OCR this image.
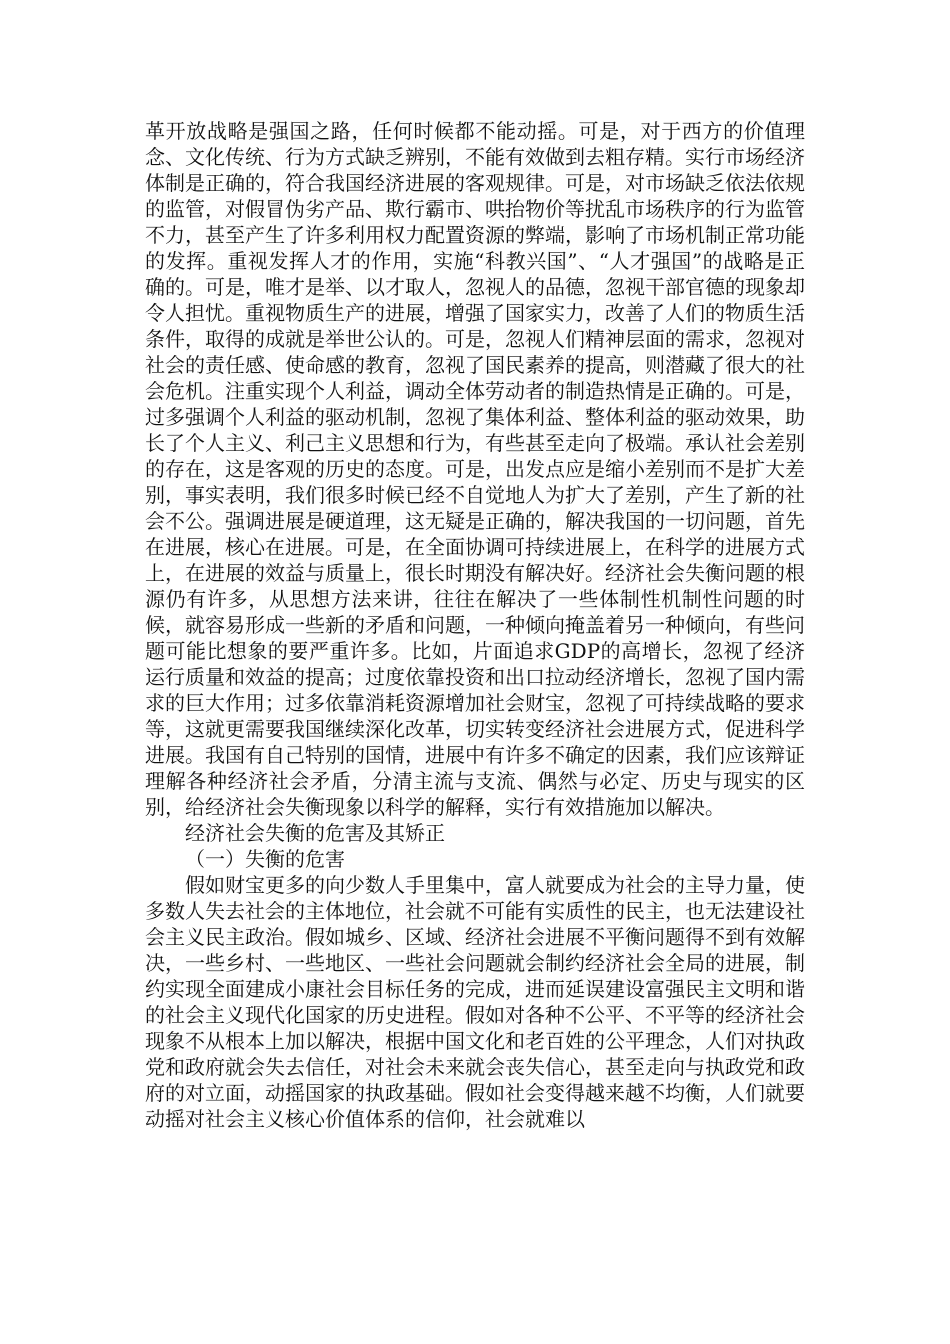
革开放战略是强国之路，任何时候都不能动摇。可是，对于西方的价值理念、文化传统、行为方式缺乏辨别，不能有效做到去粗存精。实行市场经济体制是正确的，符合我国经济进展的客观规律。可是，对市场缺乏依法依规的监管，对假冒伪劣产品、欺行霸市、哄抬物价等扰乱市场秩序的行为监管不力，甚至产生了许多利用权力配置资源的弊端，影响了市场机制正常功能的发挥。重视发挥人才的作用，实施“科教兴国”、“人才强国”的战略是正确的。可是，唯才是举、以才取人，忽视人的品德，忽视干部官德的现象却令人担忧。重视物质生产的进展，增强了国家实力，改善了人们的物质生活条件，取得的成就是举世公认的。可是，忽视人们精神层面的需求，忽视对社会的责任感、使命感的教育，忽视了国民素养的提高，则潜藏了很大的社会危机。注重实现个人利益，调动全体劳动者的制造热情是正确的。可是，过多强调个人利益的驱动机制，忽视了集体利益、整体利益的驱动效果，助长了个人主义、利己主义思想和行为，有些甚至走向了极端。承认社会差别的存在，这是客观的历史的态度。可是，出发点应是缩小差别而不是扩大差别，事实表明，我们很多时候已经不自觉地人为扩大了差别，产生了新的社会不公。强调进展是硬道理，这无疑是正确的，解决我国的一切问题，首先在进展，核心在进展。可是，在全面协调可持续进展上，在科学的进展方式上，在进展的效益与质量上，很长时期没有解决好。经济社会失衡问题的根源仍有许多，从思想方法来讲，往往在解决了一些体制性机制性问题的时候，就容易形成一些新的矛盾和问题，一种倾向掩盖着另一种倾向，有些问题可能比想象的要严重许多。比如，片面追求GDP的高增长，忽视了经济运行质量和效益的提高；过度依靠投资和出口拉动经济增长，忽视了国内需求的巨大作用；过多依靠消耗资源增加社会财宝，忽视了可持续战略的要求等，这就更需要我国继续深化改革，切实转变经济社会进展方式，促进科学进展。我国有自己特别的国情，进展中有许多不确定的因素，我们应该辩证理解各种经济社会矛盾，分清主流与支流、偶然与必定、历史与现实的区别，给经济社会失衡现象以科学的解释，实行有效措施加以解决。

经济社会失衡的危害及其矫正

（一）失衡的危害

假如财宝更多的向少数人手里集中，富人就要成为社会的主导力量，使多数人失去社会的主体地位，社会就不可能有实质性的民主，也无法建设社会主义民主政治。假如城乡、区域、经济社会进展不平衡问题得不到有效解决，一些乡村、一些地区、一些社会问题就会制约经济社会全局的进展，制约实现全面建成小康社会目标任务的完成，进而延误建设富强民主文明和谐的社会主义现代化国家的历史进程。假如对各种不公平、不平等的经济社会现象不从根本上加以解决，根据中国文化和老百姓的公平理念，人们对执政党和政府就会失去信任，对社会未来就会丧失信心，甚至走向与执政党和政府的对立面，动摇国家的执政基础。假如社会变得越来越不均衡，人们就要动摇对社会主义核心价值体系的信仰，社会就难以
